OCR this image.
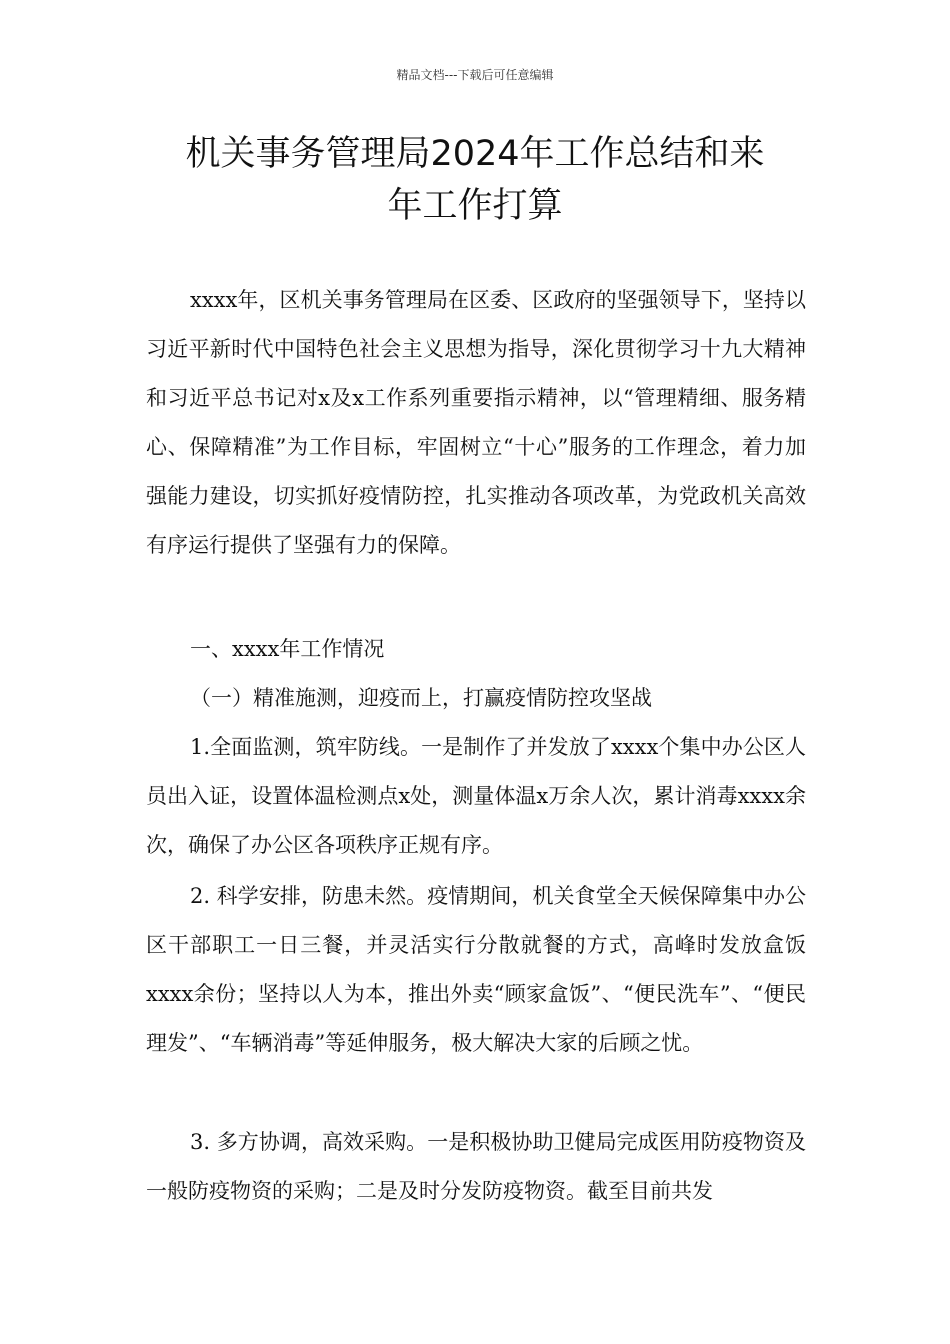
精品文档---下载后可任意编辑
机关事务管理局2024年工作总结和来
年工作打算

xxxx年，区机关事务管理局在区委、区政府的坚强领导下，坚持以习近平新时代中国特色社会主义思想为指导，深化贯彻学习十九大精神和习近平总书记对x及x工作系列重要指示精神，以“管理精细、服务精心、保障精准”为工作目标，牢固树立“十心”服务的工作理念，着力加强能力建设，切实抓好疫情防控，扎实推动各项改革，为党政机关高效有序运行提供了坚强有力的保障。

一、xxxx年工作情况

（一）精准施测，迎疫而上，打赢疫情防控攻坚战

1.全面监测，筑牢防线。一是制作了并发放了xxxx个集中办公区人员出入证，设置体温检测点x处，测量体温x万余人次，累计消毒xxxx余次，确保了办公区各项秩序正规有序。

2. 科学安排，防患未然。疫情期间，机关食堂全天候保障集中办公区干部职工一日三餐，并灵活实行分散就餐的方式，高峰时发放盒饭xxxx余份；坚持以人为本，推出外卖“顾家盒饭”、“便民洗车”、“便民理发”、“车辆消毒”等延伸服务，极大解决大家的后顾之忧。

3. 多方协调，高效采购。一是积极协助卫健局完成医用防疫物资及一般防疫物资的采购；二是及时分发防疫物资。截至目前共发
